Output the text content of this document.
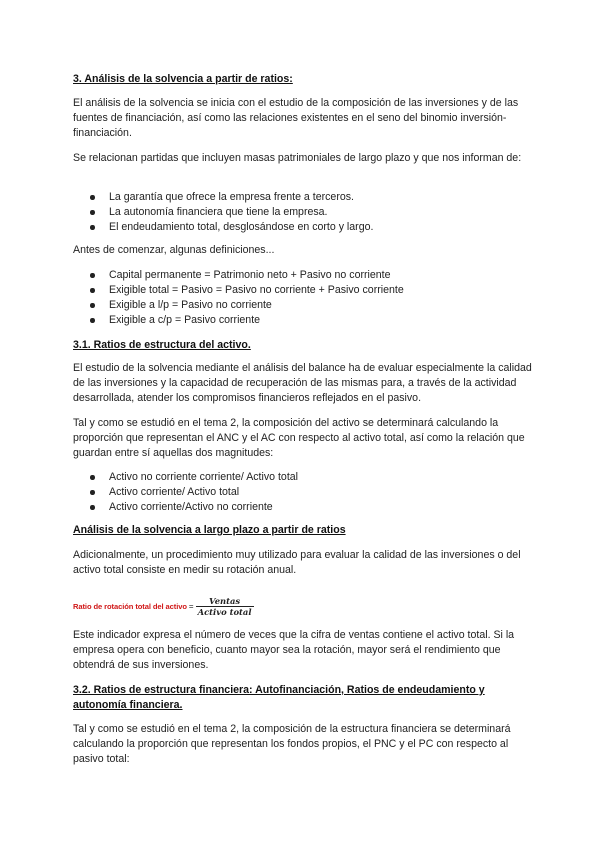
3. Análisis de la solvencia a partir de ratios:

El análisis de la solvencia se inicia con el estudio de la composición de las inversiones y de las fuentes de financiación, así como las relaciones existentes en el seno del binomio inversión-financiación.

Se relacionan partidas que incluyen masas patrimoniales de largo plazo y que nos informan de:

La garantía que ofrece la empresa frente a terceros.
La autonomía financiera que tiene la empresa.
El endeudamiento total, desglosándose en corto y largo.

Antes de comenzar, algunas definiciones...

Capital permanente = Patrimonio neto + Pasivo no corriente
Exigible total = Pasivo = Pasivo no corriente + Pasivo corriente
Exigible a l/p = Pasivo no corriente
Exigible a c/p = Pasivo corriente

3.1. Ratios de estructura del activo.

El estudio de la solvencia mediante el análisis del balance ha de evaluar especialmente la calidad de las inversiones y la capacidad de recuperación de las mismas para, a través de la actividad desarrollada, atender los compromisos financieros reflejados en el pasivo.

Tal y como se estudió en el tema 2, la composición del activo se determinará calculando la proporción que representan el ANC y el AC con respecto al activo total, así como la relación que guardan entre sí aquellas dos magnitudes:

Activo no corriente corriente/ Activo total
Activo corriente/ Activo total
Activo corriente/Activo no corriente

Análisis de la solvencia a largo plazo a partir de ratios

Adicionalmente, un procedimiento muy utilizado para evaluar la calidad de las inversiones o del activo total consiste en medir su rotación anual.

Ratio de rotación total del activo = $\frac{\text{Ventas}}{\text{Activo total}}$

Este indicador expresa el número de veces que la cifra de ventas contiene el activo total. Si la empresa opera con beneficio, cuanto mayor sea la rotación, mayor será el rendimiento que obtendrá de sus inversiones.

3.2. Ratios de estructura financiera: Autofinanciación, Ratios de endeudamiento y autonomía financiera.

Tal y como se estudió en el tema 2, la composición de la estructura financiera se determinará calculando la proporción que representan los fondos propios, el PNC y el PC con respecto al pasivo total:
